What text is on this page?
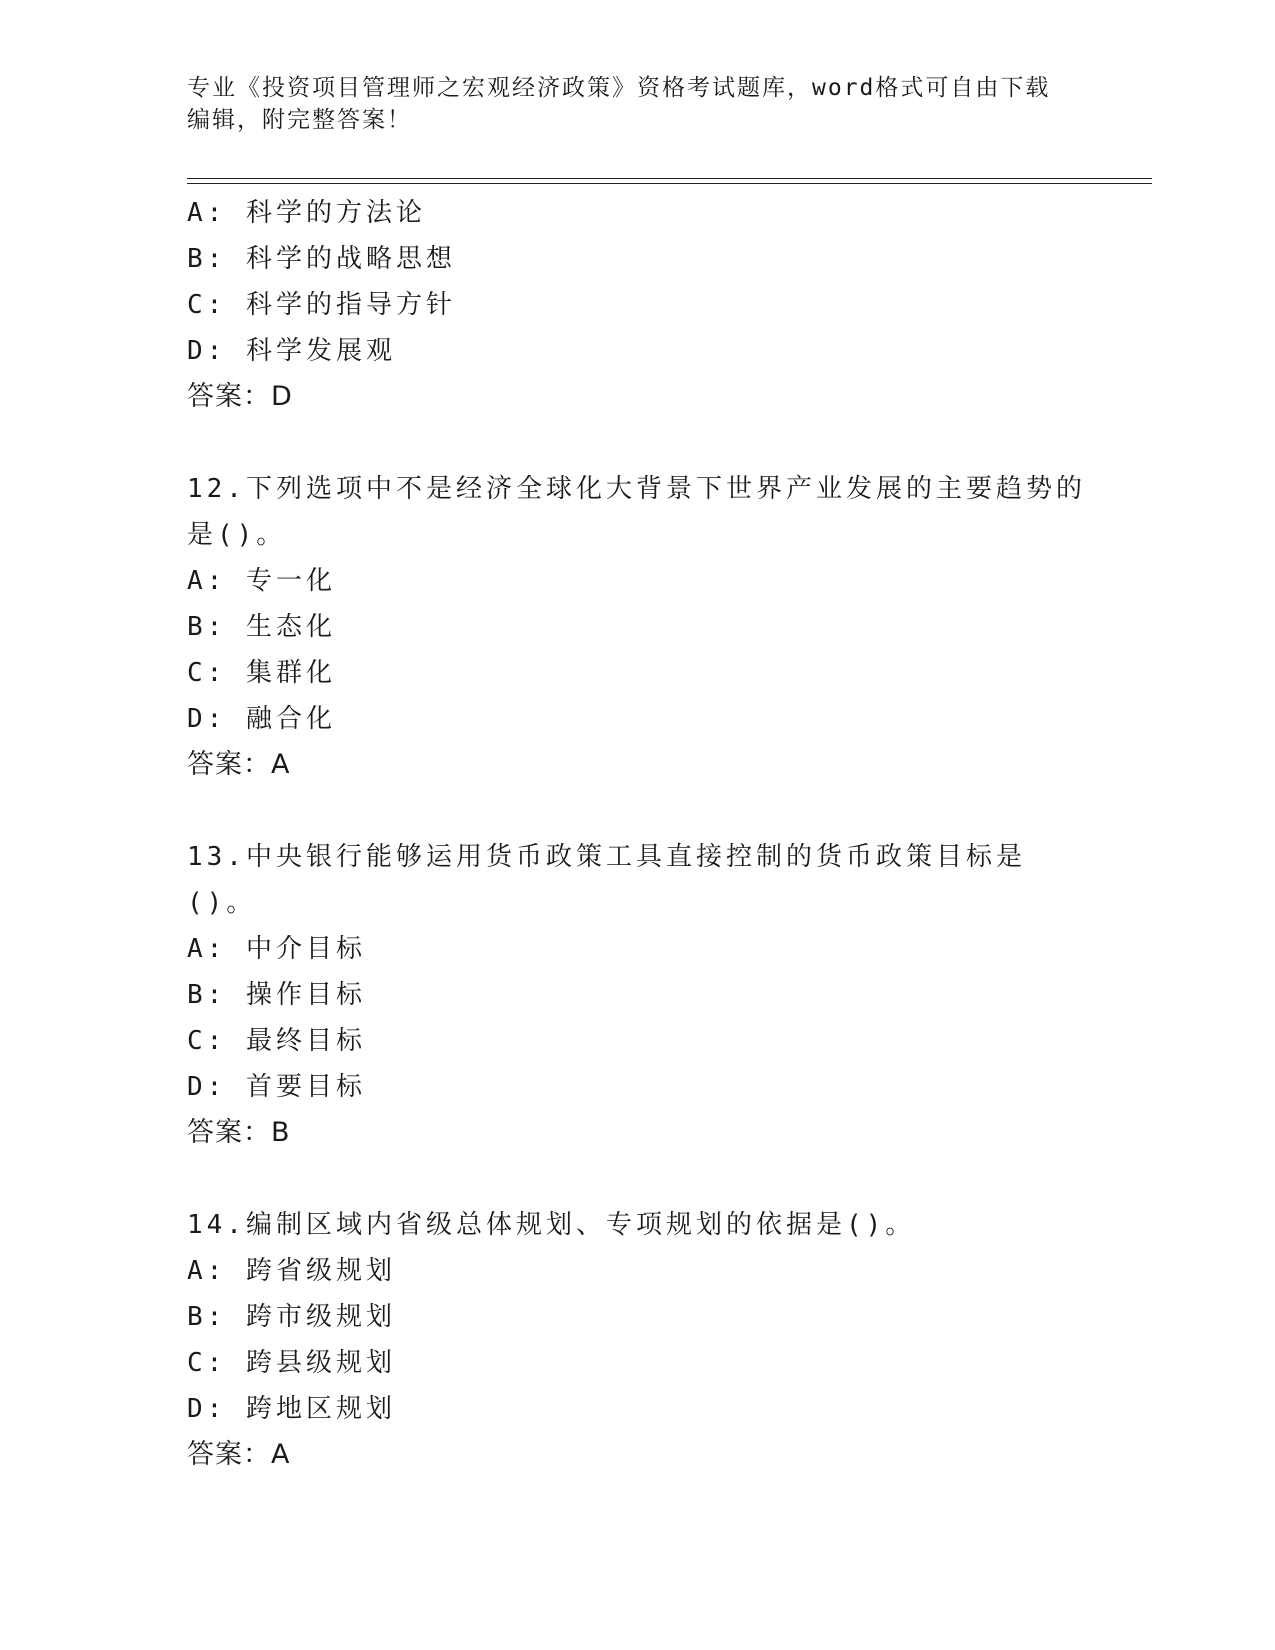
专业《投资项目管理师之宏观经济政策》资格考试题库，word格式可自由下载编辑，附完整答案！
A: 科学的方法论
B: 科学的战略思想
C: 科学的指导方针
D: 科学发展观
答案：D
12.下列选项中不是经济全球化大背景下世界产业发展的主要趋势的是()。
A: 专一化
B: 生态化
C: 集群化
D: 融合化
答案：A
13.中央银行能够运用货币政策工具直接控制的货币政策目标是()。
A: 中介目标
B: 操作目标
C: 最终目标
D: 首要目标
答案：B
14.编制区域内省级总体规划、专项规划的依据是()。
A: 跨省级规划
B: 跨市级规划
C: 跨县级规划
D: 跨地区规划
答案：A
